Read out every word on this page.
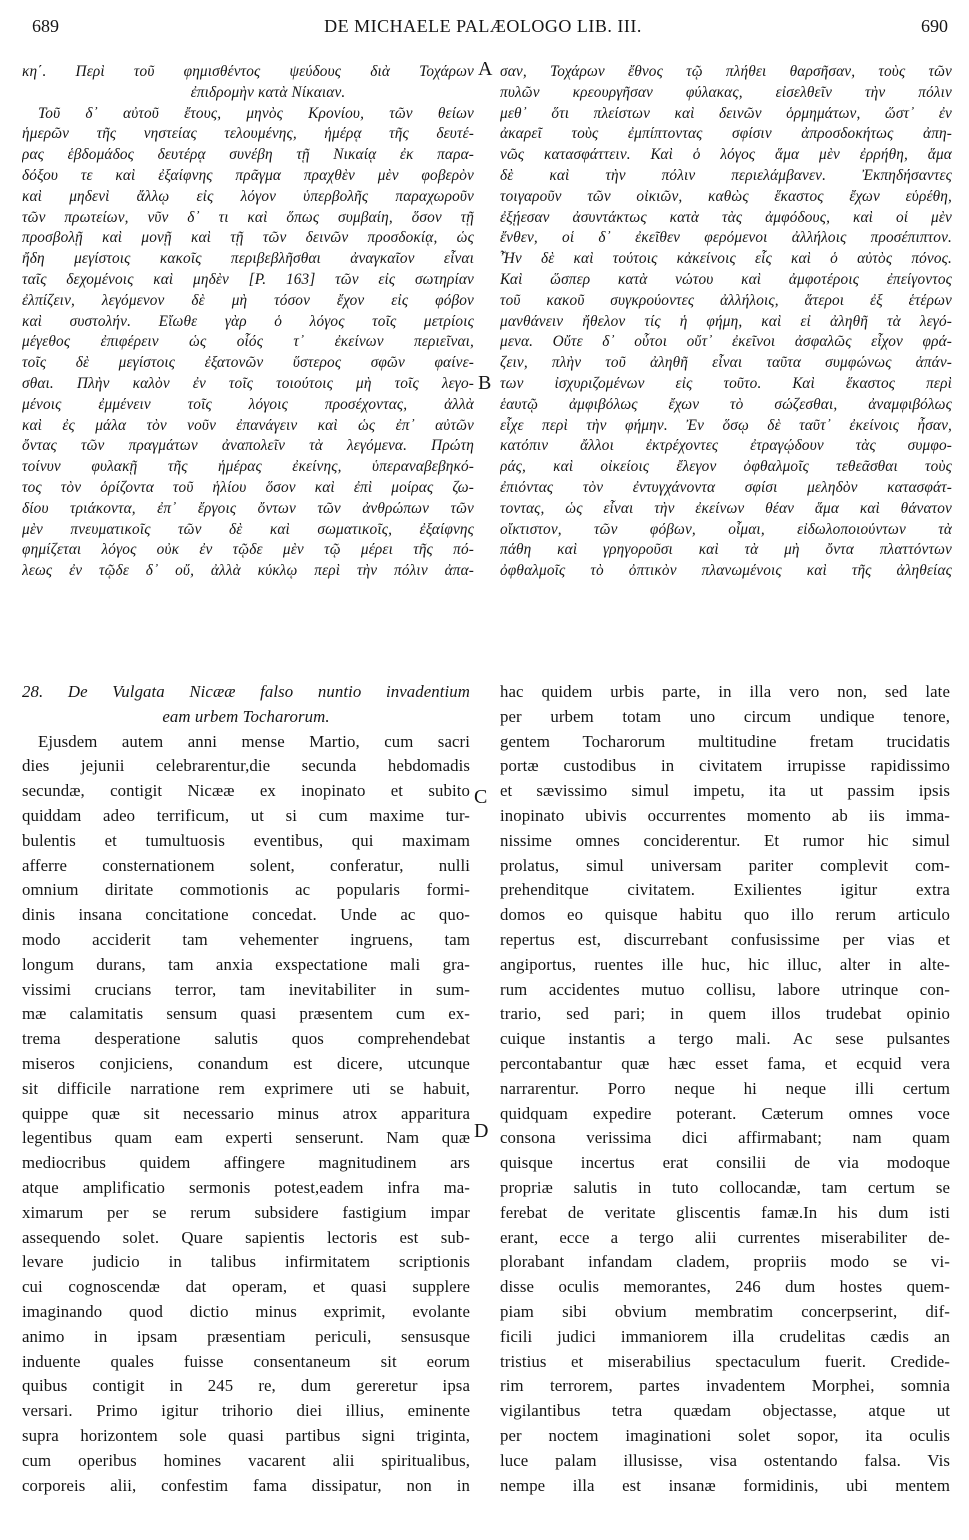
689	DE MICHAELE PALÆOLOGO LIB. III.	690
κη΄. Περὶ τοῦ φημισθέντος ψεύδους διὰ Τοχάρων
ἐπιδρομὴν κατὰ Νίκαιαν.
Τοῦ δ᾽ αὐτοῦ ἔτους, μηνὸς Κρονίου, τῶν θείων
ἡμερῶν τῆς νηστείας τελουμένης, ἡμέρᾳ τῆς δευτέ-
ρας ἑβδομάδος δευτέρᾳ συνέβη τῇ Νικαίᾳ ἐκ παρα-
δόξου τε καὶ ἐξαίφνης πρᾶγμα πραχθὲν μὲν φοβερὸν
καὶ μηδενὶ ἄλλῳ εἰς λόγον ὑπερβολῆς παραχωροῦν
τῶν πρωτείων, νῦν δ᾽ τι καὶ ὅπως συμβαίη, ὅσον τῇ
προσβολῇ καὶ μονῇ καὶ τῇ τῶν δεινῶν προσδοκίᾳ, ὡς
ἤδη μεγίστοις κακοῖς περιβεβλῆσθαι ἀναγκαῖον εἶναι
ταῖς δεχομένοις καὶ μηδὲν [Ρ. 163] τῶν εἰς σωτηρίαν
ἐλπίζειν, λεγόμενον δὲ μὴ τόσον ἔχον εἰς φόβον
καὶ συστολήν. Εἴωθε γὰρ ὁ λόγος τοῖς μετρίοις
μέγεθος ἐπιφέρειν ὡς οἷός τ᾽ ἐκείνων περιεῖναι,
τοῖς δὲ μεγίστοις ἐξατονῶν ὕστερος σφῶν φαίνε-
σθαι. Πλὴν καλὸν ἐν τοῖς τοιούτοις μὴ τοῖς λεγο-
μένοις ἐμμένειν τοῖς λόγοις προσέχοντας, ἀλλὰ
καὶ ἐς μάλα τὸν νοῦν ἐπανάγειν καὶ ὡς ἐπ᾽ αὐτῶν
ὄντας τῶν πραγμάτων ἀναπολεῖν τὰ λεγόμενα. Πρώτη
τοίνυν φυλακῇ τῆς ἡμέρας ἐκείνης, ὑπεραναβεβηκό-
τος τὸν ὁρίζοντα τοῦ ἡλίου ὅσον καὶ ἐπὶ μοίρας ζω-
δίου τριάκοντα, ἐπ᾽ ἔργοις ὄντων τῶν ἀνθρώπων τῶν
μὲν πνευματικοῖς τῶν δὲ καὶ σωματικοῖς, ἐξαίφνης
φημίζεται λόγος οὐκ ἐν τῷδε μὲν τῷ μέρει τῆς πό-
λεως ἐν τῷδε δ᾽ οὔ, ἀλλὰ κύκλῳ περὶ τὴν πόλιν ἀπα-
σαν, Τοχάρων ἔθνος τῷ πλήθει θαρσῆσαν, τοὺς τῶν
πυλῶν κρεουργῆσαν φύλακας, εἰσελθεῖν τὴν πόλιν
μεθ᾽ ὅτι πλείστων καὶ δεινῶν ὁρμημάτων, ὥστ᾽ ἐν
ἀκαρεῖ τοὺς ἐμπίπτοντας σφίσιν ἀπροσδοκήτως ἀπη-
νῶς κατασφάττειν. Καὶ ὁ λόγος ἅμα μὲν ἐρρήθη, ἅμα
δὲ καὶ τὴν πόλιν περιελάμβανεν. Ἐκπηδήσαντες
τοιγαροῦν τῶν οἰκιῶν, καθὼς ἕκαστος ἔχων εὑρέθη,
ἐξῄεσαν ἀσυντάκτως κατὰ τὰς ἀμφόδους, καὶ οἱ μὲν
ἔνθεν, οἱ δ᾽ ἐκεῖθεν φερόμενοι ἀλλήλοις προσέπιπτον.
Ἦν δὲ καὶ τούτοις κἀκείνοις εἷς καὶ ὁ αὐτὸς πόνος.
Καὶ ὥσπερ κατὰ νώτου καὶ ἀμφοτέροις ἐπείγοντος
τοῦ κακοῦ συγκρούοντες ἀλλήλοις, ἅτεροι ἐξ ἑτέρων
μανθάνειν ἤθελον τίς ἡ φήμη, καὶ εἰ ἀληθῆ τὰ λεγό-
μενα. Οὔτε δ᾽ οὗτοι οὔτ᾽ ἐκεῖνοι ἀσφαλῶς εἶχον φρά-
ζειν, πλὴν τοῦ ἀληθῆ εἶναι ταῦτα συμφώνως ἁπάν-
των ἰσχυριζομένων εἰς τοῦτο. Καὶ ἕκαστος περὶ
ἑαυτῷ ἀμφιβόλως ἔχων τὸ σώζεσθαι, ἀναμφιβόλως
εἶχε περὶ τὴν φήμην. Ἐν ὅσῳ δὲ ταῦτ᾽ ἐκείνοις ἦσαν,
κατόπιν ἄλλοι ἐκτρέχοντες ἐτραγῴδουν τὰς συμφο-
ράς, καὶ οἰκείοις ἔλεγον ὀφθαλμοῖς τεθεᾶσθαι τοὺς
ἐπιόντας τὸν ἐντυγχάνοντα σφίσι μεληδὸν κατασφάτ-
τοντας, ὡς εἶναι τὴν ἐκείνων θέαν ἅμα καὶ θάνατον
οἴκτιστον, τῶν φόβων, οἶμαι, εἰδωλοποιούντων τὰ
πάθη καὶ γρηγοροῦσι καὶ τὰ μὴ ὄντα πλαττόντων
ὀφθαλμοῖς τὸ ὀπτικὸν πλανωμένοις καὶ τῆς ἀληθείας
28. De Vulgata Nicææ falso nuntio invadentium
eam urbem Tocharorum.
Ejusdem autem anni mense Martio, cum sacri
dies jejunii celebrarentur,die secunda hebdomadis
secundæ, contigit Nicææ ex inopinato et subito
quiddam adeo terrificum, ut si cum maxime tur-
bulentis et tumultuosis eventibus, qui maximam
afferre consternationem solent, conferatur, nulli
omnium diritate commotionis ac popularis formi-
dinis insana concitatione concedat. Unde ac quo-
modo acciderit tam vehementer ingruens, tam
longum durans, tam anxia exspectatione mali gra-
vissimi crucians terror, tam inevitabiliter in sum-
mæ calamitatis sensum quasi præsentem cum ex-
trema desperatione salutis quos comprehendebat
miseros conjiciens, conandum est dicere, utcunque
sit difficile narratione rem exprimere uti se habuit,
quippe quæ sit necessario minus atrox apparitura
legentibus quam eam experti senserunt. Nam quæ
mediocribus quidem affingere magnitudinem ars
atque amplificatio sermonis potest,eadem infra ma-
ximarum per se rerum subsidere fastigium impar
assequendo solet. Quare sapientis lectoris est sub-
levare judicio in talibus infirmitatem scriptionis
cui cognoscendæ dat operam, et quasi supplere
imaginando quod dictio minus exprimit, evolante
animo in ipsam præsentiam periculi, sensusque
induente quales fuisse consentaneum sit eorum
quibus contigit in 245 re, dum gereretur ipsa
versari. Primo igitur trihorio diei illius, eminente
supra horizontem sole quasi partibus signi triginta,
cum operibus homines vacarent alii spiritualibus,
corporeis alii, confestim fama dissipatur, non in
hac quidem urbis parte, in illa vero non, sed late
per urbem totam uno circum undique tenore,
gentem Tocharorum multitudine fretam trucidatis
portæ custodibus in civitatem irrupisse rapidissimo
et sævissimo simul impetu, ita ut passim ipsis
inopinato ubivis occurrentes momento ab iis imma-
nissime omnes conciderentur. Et rumor hic simul
prolatus, simul universam pariter complevit com-
prehenditque civitatem. Exilientes igitur extra
domos eo quisque habitu quo illo rerum articulo
repertus est, discurrebant confusissime per vias et
angiportus, ruentes ille huc, hic illuc, alter in alte-
rum accidentes mutuo collisu, labore utrinque con-
trario, sed pari; in quem illos trudebat opinio
cuique instantis a tergo mali. Ac sese pulsantes
percontabantur quæ hæc esset fama, et ecquid vera
narrarentur. Porro neque hi neque illi certum
quidquam expedire poterant. Cæterum omnes voce
consona verissima dici affirmabant; nam quam
quisque incertus erat consilii de via modoque
propriæ salutis in tuto collocandæ, tam certum se
ferebat de veritate gliscentis famæ.In his dum isti
erant, ecce a tergo alii currentes miserabiliter de-
plorabant infandam cladem, propriis modo se vi-
disse oculis memorantes, 246 dum hostes quem-
piam sibi obvium membratim concerpserint, dif-
ficili judici immaniorem illa crudelitas cædis an
tristius et miserabilius spectaculum fuerit. Credide-
rim terrorem, partes invadentem Morphei, somnia
vigilantibus tetra quædam objectasse, atque ut
per noctem imaginationi solet sopor, ita oculis
luce palam illusisse, visa ostentando falsa. Vis
nempe illa est insanæ formidinis, ubi mentem
A
B
C
D
